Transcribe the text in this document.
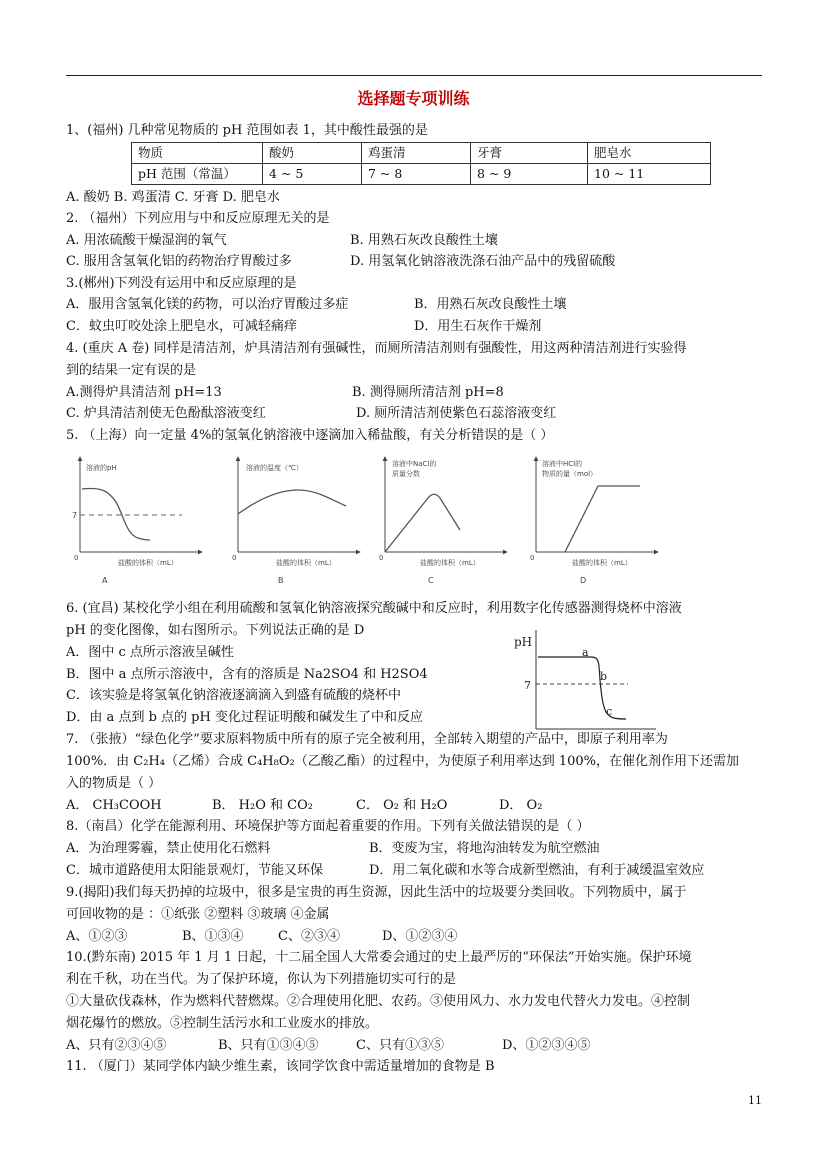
选择题专项训练
1、(福州) 几种常见物质的 pH 范围如表 1，其中酸性最强的是
物质	酸奶	鸡蛋清	牙膏	肥皂水
pH 范围（常温）	4 ~ 5	7 ~ 8	8 ~ 9	10 ~ 11
A. 酸奶 B. 鸡蛋清 C. 牙膏 D. 肥皂水
2. （福州）下列应用与中和反应原理无关的是
A. 用浓硫酸干燥湿润的氧气	B. 用熟石灰改良酸性土壤
C. 服用含氢氧化铝的药物治疗胃酸过多	D. 用氢氧化钠溶液洗涤石油产品中的残留硫酸
3.(郴州)下列没有运用中和反应原理的是
A．服用含氢氧化镁的药物，可以治疗胃酸过多症	B．用熟石灰改良酸性土壤
C．蚊虫叮咬处涂上肥皂水，可减轻痛痒	D．用生石灰作干燥剂
4. (重庆 A 卷) 同样是清洁剂，炉具清洁剂有强碱性，而厕所清洁剂则有强酸性，用这两种清洁剂进行实验得
到的结果一定有误的是
A.测得炉具清洁剂 pH=13	B. 测得厕所清洁剂 pH=8
C. 炉具清洁剂使无色酚酞溶液变红	D. 厕所清洁剂使紫色石蕊溶液变红
5. （上海）向一定量 4%的氢氧化钠溶液中逐滴加入稀盐酸，有关分析错误的是（ ）
溶液的pH
7
0
盐酸的体积（mL）
A
溶液的温度（℃）
0
盐酸的体积（mL）
B
溶液中NaCl的
质量分数
0
盐酸的体积（mL）
C
溶液中HCl的
物质的量（mol）
0
盐酸的体积（mL）
D
6. (宜昌) 某校化学小组在利用硫酸和氢氧化钠溶液探究酸碱中和反应时，利用数字化传感器测得烧杯中溶液
pH 的变化图像，如右图所示。下列说法正确的是 D
A．图中 c 点所示溶液呈碱性
B．图中 a 点所示溶液中，含有的溶质是 Na2SO4 和 H2SO4
C．该实验是将氢氧化钠溶液逐滴滴入到盛有硫酸的烧杯中
D．由 a 点到 b 点的 pH 变化过程证明酸和碱发生了中和反应
pH
7
a
b
c
7. （张掖）“绿色化学”要求原料物质中所有的原子完全被利用，全部转入期望的产品中，即原子利用率为
100%．由 C₂H₄（乙烯）合成 C₄H₈O₂（乙酸乙酯）的过程中，为使原子利用率达到 100%，在催化剂作用下还需加
入的物质是（ ）
A． CH₃COOH	B． H₂O 和 CO₂	C． O₂ 和 H₂O	D． O₂
8.（南昌）化学在能源利用、环境保护等方面起着重要的作用。下列有关做法错误的是（ ）
A．为治理雾霾，禁止使用化石燃料	B．变废为宝，将地沟油转发为航空燃油
C．城市道路使用太阳能景观灯，节能又环保	D．用二氧化碳和水等合成新型燃油，有利于减缓温室效应
9.(揭阳)我们每天扔掉的垃圾中，很多是宝贵的再生资源，因此生活中的垃圾要分类回收。下列物质中，属于
可回收物的是 ：①纸张 ②塑料 ③玻璃 ④金属
A、①②③	B、①③④	C、②③④	D、①②③④
10.(黔东南) 2015 年 1 月 1 日起，十二届全国人大常委会通过的史上最严厉的“环保法”开始实施。保护环境
利在千秋，功在当代。为了保护环境，你认为下列措施切实可行的是
①大量砍伐森林，作为燃料代替燃煤。②合理使用化肥、农药。③使用风力、水力发电代替火力发电。④控制
烟花爆竹的燃放。⑤控制生活污水和工业废水的排放。
A、只有②③④⑤	B、只有①③④⑤	C、只有①③⑤	D、①②③④⑤
11. （厦门）某同学体内缺少维生素，该同学饮食中需适量增加的食物是 B
11
